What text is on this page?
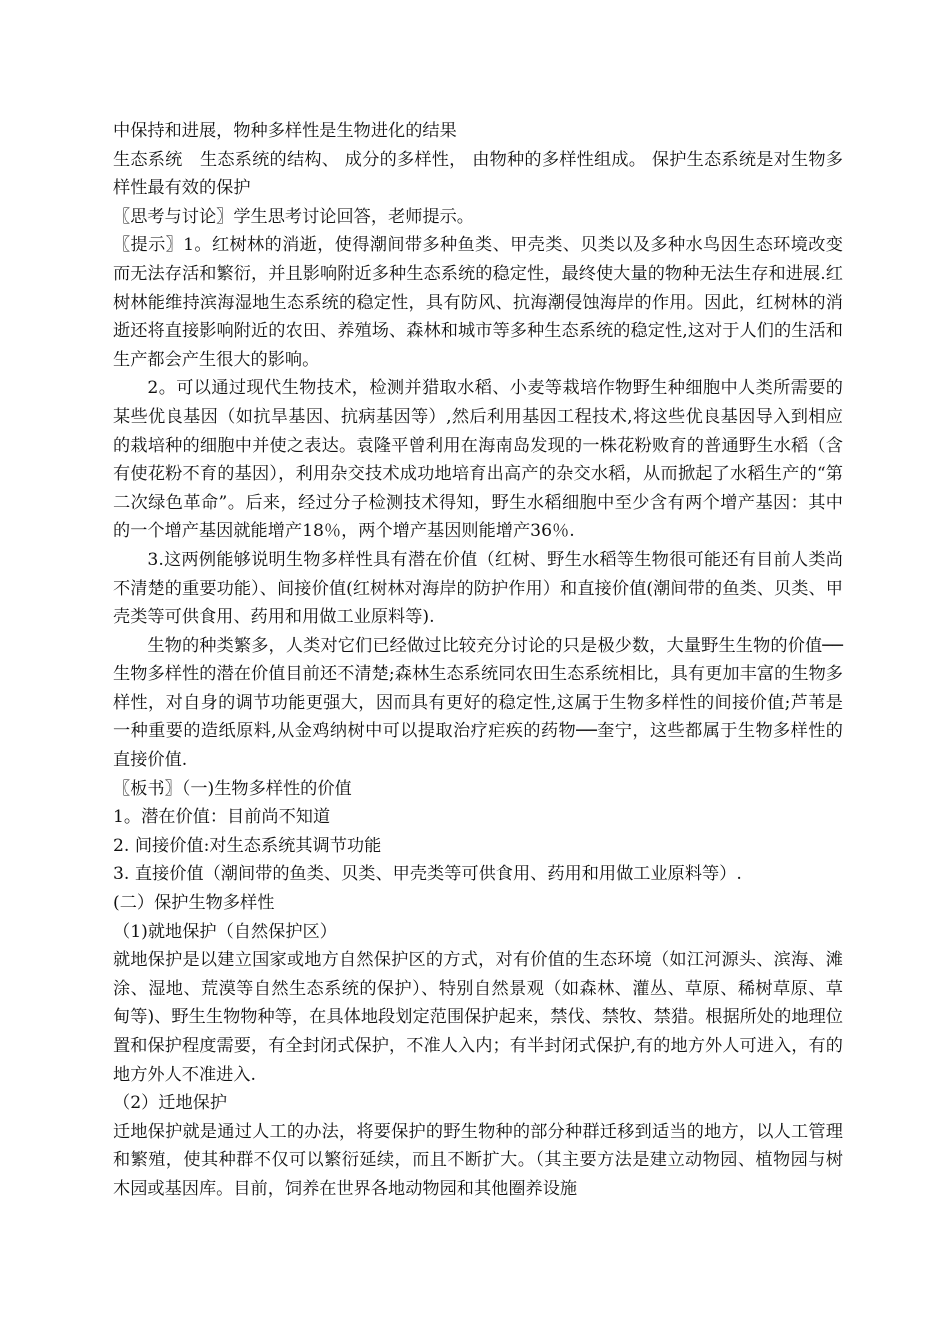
中保持和进展，物种多样性是生物进化的结果

生态系统　生态系统的结构、 成分的多样性， 由物种的多样性组成。 保护生态系统是对生物多样性最有效的保护

〖思考与讨论〗学生思考讨论回答，老师提示。

〖提示〗1。红树林的消逝，使得潮间带多种鱼类、甲壳类、贝类以及多种水鸟因生态环境改变而无法存活和繁衍，并且影响附近多种生态系统的稳定性，最终使大量的物种无法生存和进展.红树林能维持滨海湿地生态系统的稳定性，具有防风、抗海潮侵蚀海岸的作用。因此，红树林的消逝还将直接影响附近的农田、养殖场、森林和城市等多种生态系统的稳定性,这对于人们的生活和生产都会产生很大的影响。

2。可以通过现代生物技术，检测并猎取水稻、小麦等栽培作物野生种细胞中人类所需要的某些优良基因（如抗旱基因、抗病基因等）,然后利用基因工程技术,将这些优良基因导入到相应的栽培种的细胞中并使之表达。袁隆平曾利用在海南岛发现的一株花粉败育的普通野生水稻（含有使花粉不育的基因），利用杂交技术成功地培育出高产的杂交水稻，从而掀起了水稻生产的“第二次绿色革命”。后来，经过分子检测技术得知，野生水稻细胞中至少含有两个增产基因：其中的一个增产基因就能增产18％，两个增产基因则能增产36％.

3.这两例能够说明生物多样性具有潜在价值（红树、野生水稻等生物很可能还有目前人类尚不清楚的重要功能）、间接价值(红树林对海岸的防护作用）和直接价值(潮间带的鱼类、贝类、甲壳类等可供食用、药用和用做工业原料等).

生物的种类繁多，人类对它们已经做过比较充分讨论的只是极少数，大量野生生物的价值──生物多样性的潜在价值目前还不清楚;森林生态系统同农田生态系统相比，具有更加丰富的生物多样性，对自身的调节功能更强大，因而具有更好的稳定性,这属于生物多样性的间接价值;芦苇是一种重要的造纸原料,从金鸡纳树中可以提取治疗疟疾的药物──奎宁，这些都属于生物多样性的直接价值.

〖板书〗（一)生物多样性的价值

1。潜在价值：目前尚不知道

2. 间接价值:对生态系统其调节功能

3. 直接价值（潮间带的鱼类、贝类、甲壳类等可供食用、药用和用做工业原料等）.

(二）保护生物多样性

（1)就地保护（自然保护区）

就地保护是以建立国家或地方自然保护区的方式，对有价值的生态环境（如江河源头、滨海、滩涂、湿地、荒漠等自然生态系统的保护）、特别自然景观（如森林、灌丛、草原、稀树草原、草甸等)、野生生物物种等，在具体地段划定范围保护起来，禁伐、禁牧、禁猎。根据所处的地理位置和保护程度需要，有全封闭式保护，不准人入内；有半封闭式保护,有的地方外人可进入，有的地方外人不准进入.

（2）迁地保护

迁地保护就是通过人工的办法，将要保护的野生物种的部分种群迁移到适当的地方，以人工管理和繁殖，使其种群不仅可以繁衍延续，而且不断扩大。（其主要方法是建立动物园、植物园与树木园或基因库。目前，饲养在世界各地动物园和其他圈养设施
